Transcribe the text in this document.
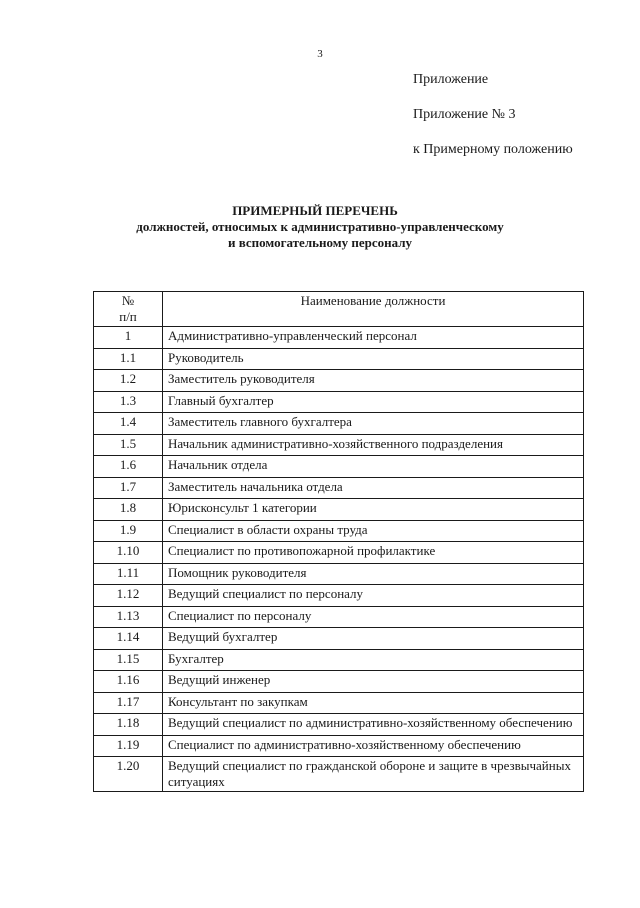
3
Приложение
Приложение № 3
к Примерному положению
ПРИМЕРНЫЙ ПЕРЕЧЕНЬ
должностей, относимых к административно-управленческому
и вспомогательному персоналу
№
п/п	Наименование должности
1	Административно-управленческий персонал
1.1	Руководитель
1.2	Заместитель руководителя
1.3	Главный бухгалтер
1.4	Заместитель главного бухгалтера
1.5	Начальник административно-хозяйственного подразделения
1.6	Начальник отдела
1.7	Заместитель начальника отдела
1.8	Юрисконсульт 1 категории
1.9	Специалист в области охраны труда
1.10	Специалист по противопожарной профилактике
1.11	Помощник руководителя
1.12	Ведущий специалист по персоналу
1.13	Специалист по персоналу
1.14	Ведущий бухгалтер
1.15	Бухгалтер
1.16	Ведущий инженер
1.17	Консультант по закупкам
1.18	Ведущий специалист по административно-хозяйственному обеспечению
1.19	Специалист по административно-хозяйственному обеспечению
1.20	Ведущий специалист по гражданской обороне и защите в чрезвычайных ситуациях
